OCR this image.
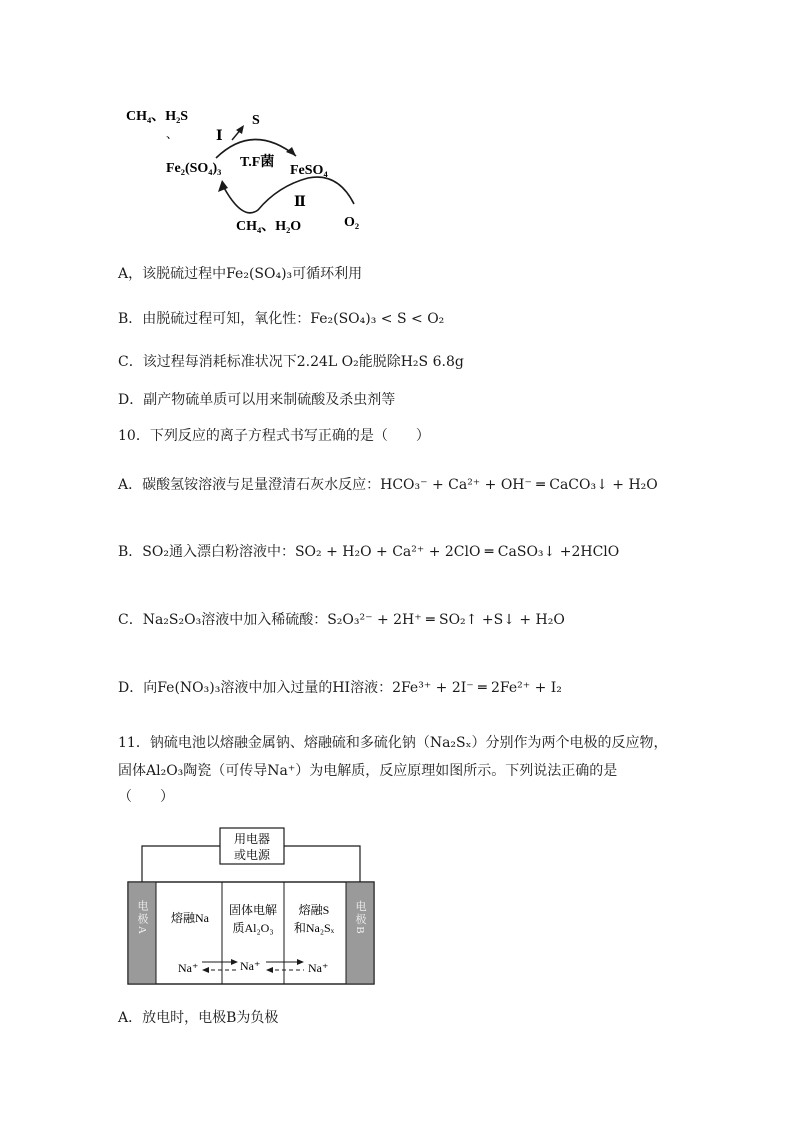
CH₄、H₂S
、	Ⅰ
S
Fe₂(SO₄)₃ T.F菌
FeSO₄
Ⅱ
CH₄、H₂O	O₂
A，该脱硫过程中Fe₂(SO₄)₃可循环利用
B．由脱硫过程可知，氧化性：Fe₂(SO₄)₃ < S < O₂
C．该过程每消耗标准状况下2.24L O₂能脱除H₂S 6.8g
D．副产物硫单质可以用来制硫酸及杀虫剂等
10．下列反应的离子方程式书写正确的是（　　）
A．碳酸氢铵溶液与足量澄清石灰水反应：HCO₃⁻ + Ca²⁺ + OH⁻ ═ CaCO₃↓ + H₂O
B．SO₂通入漂白粉溶液中：SO₂ + H₂O + Ca²⁺ + 2ClO ═ CaSO₃↓ +2HClO
C．Na₂S₂O₃溶液中加入稀硫酸：S₂O₃²⁻ + 2H⁺ ═ SO₂↑ +S↓ + H₂O
D．向Fe(NO₃)₃溶液中加入过量的HI溶液：2Fe³⁺ + 2I⁻ ═ 2Fe²⁺ + I₂
11．钠硫电池以熔融金属钠、熔融硫和多硫化钠（Na₂Sₓ）分别作为两个电极的反应物，
固体Al₂O₃陶瓷（可传导Na⁺）为电解质，反应原理如图所示。下列说法正确的是
（　　）
用电器
或电源
电极A	电极B
熔融Na
固体电解
质Al₂O₃
熔融S
和Na₂Sₓ
Na⁺	Na⁺	Na⁺
A．放电时，电极B为负极
